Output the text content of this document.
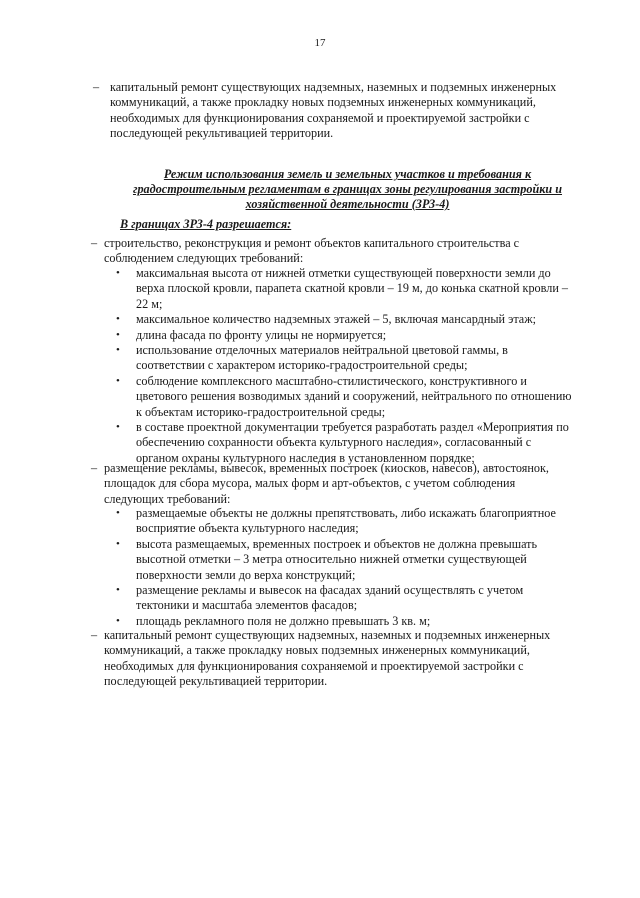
17
– капитальный ремонт существующих надземных, наземных и подземных инженерных коммуникаций, а также прокладку новых подземных инженерных коммуникаций, необходимых для функционирования сохраняемой и проектируемой застройки с последующей рекультивацией территории.
Режим использования земель и земельных участков и требования к градостроительным регламентам в границах зоны регулирования застройки и хозяйственной деятельности (ЗРЗ-4)
В границах ЗРЗ-4 разрешается:
– строительство, реконструкция и ремонт объектов капитального строительства с соблюдением следующих требований:
• максимальная высота от нижней отметки существующей поверхности земли до верха плоской кровли, парапета скатной кровли – 19 м, до конька скатной кровли – 22 м;
• максимальное количество надземных этажей – 5, включая мансардный этаж;
• длина фасада по фронту улицы не нормируется;
• использование отделочных материалов нейтральной цветовой гаммы, в соответствии с характером историко-градостроительной среды;
• соблюдение комплексного масштабно-стилистического, конструктивного и цветового решения возводимых зданий и сооружений, нейтрального по отношению к объектам историко-градостроительной среды;
• в составе проектной документации требуется разработать раздел «Мероприятия по обеспечению сохранности объекта культурного наследия», согласованный с органом охраны культурного наследия в установленном порядке;
– размещение рекламы, вывесок, временных построек (киосков, навесов), автостоянок, площадок для сбора мусора, малых форм и арт-объектов, с учетом соблюдения следующих требований:
• размещаемые объекты не должны препятствовать, либо искажать благоприятное восприятие объекта культурного наследия;
• высота размещаемых, временных построек и объектов не должна превышать высотной отметки – 3 метра относительно нижней отметки существующей поверхности земли до верха конструкций;
• размещение рекламы и вывесок на фасадах зданий осуществлять с учетом тектоники и масштаба элементов фасадов;
• площадь рекламного поля не должно превышать 3 кв. м;
– капитальный ремонт существующих надземных, наземных и подземных инженерных коммуникаций, а также прокладку новых подземных инженерных коммуникаций, необходимых для функционирования сохраняемой и проектируемой застройки с последующей рекультивацией территории.
